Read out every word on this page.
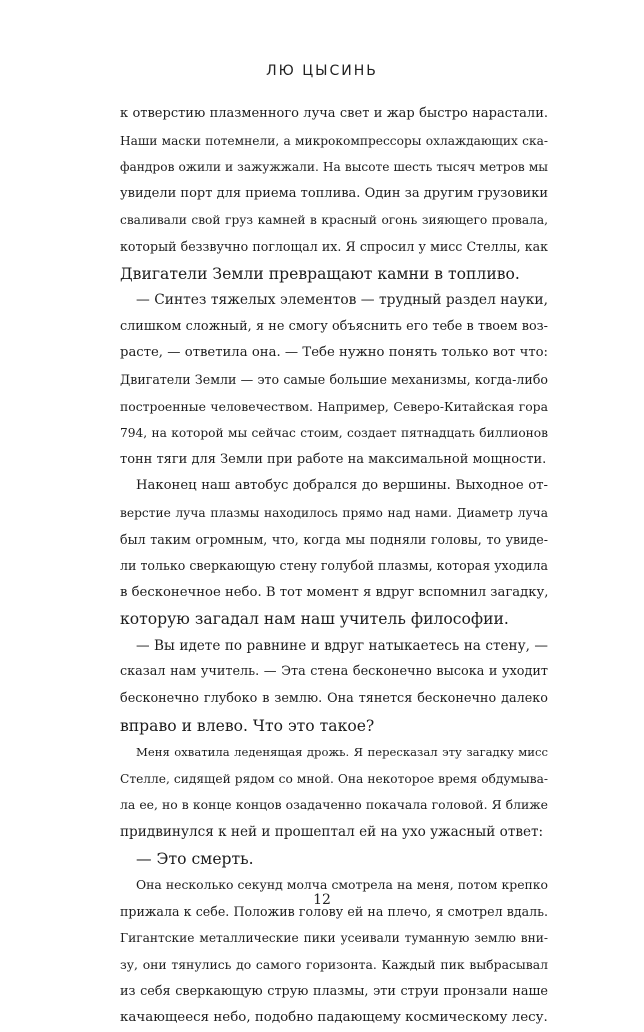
ЛЮ ЦЫСИНЬ
к отверстию плазменного луча свет и жар быстро нарастали.
Наши маски потемнели, а микрокомпрессоры охлаждающих ска-
фандров ожили и зажужжали. На высоте шесть тысяч метров мы
увидели порт для приема топлива. Один за другим грузовики
сваливали свой груз камней в красный огонь зияющего провала,
который беззвучно поглощал их. Я спросил у мисс Стеллы, как
Двигатели Земли превращают камни в топливо.
— Синтез тяжелых элементов — трудный раздел науки,
слишком сложный, я не смогу объяснить его тебе в твоем воз-
расте, — ответила она. — Тебе нужно понять только вот что:
Двигатели Земли — это самые большие механизмы, когда-либо
построенные человечеством. Например, Северо-Китайская гора
794, на которой мы сейчас стоим, создает пятнадцать биллионов
тонн тяги для Земли при работе на максимальной мощности.
Наконец наш автобус добрался до вершины. Выходное от-
верстие луча плазмы находилось прямо над нами. Диаметр луча
был таким огромным, что, когда мы подняли головы, то увиде-
ли только сверкающую стену голубой плазмы, которая уходила
в бесконечное небо. В тот момент я вдруг вспомнил загадку,
которую загадал нам наш учитель философии.
— Вы идете по равнине и вдруг натыкаетесь на стену, —
сказал нам учитель. — Эта стена бесконечно высока и уходит
бесконечно глубоко в землю. Она тянется бесконечно далеко
вправо и влево. Что это такое?
Меня охватила леденящая дрожь. Я пересказал эту загадку мисс
Стелле, сидящей рядом со мной. Она некоторое время обдумыва-
ла ее, но в конце концов озадаченно покачала головой. Я ближе
придвинулся к ней и прошептал ей на ухо ужасный ответ:
— Это смерть.
Она несколько секунд молча смотрела на меня, потом крепко
прижала к себе. Положив голову ей на плечо, я смотрел вдаль.
Гигантские металлические пики усеивали туманную землю вни-
зу, они тянулись до самого горизонта. Каждый пик выбрасывал
из себя сверкающую струю плазмы, эти струи пронзали наше
качающееся небо, подобно падающему космическому лесу.
12
